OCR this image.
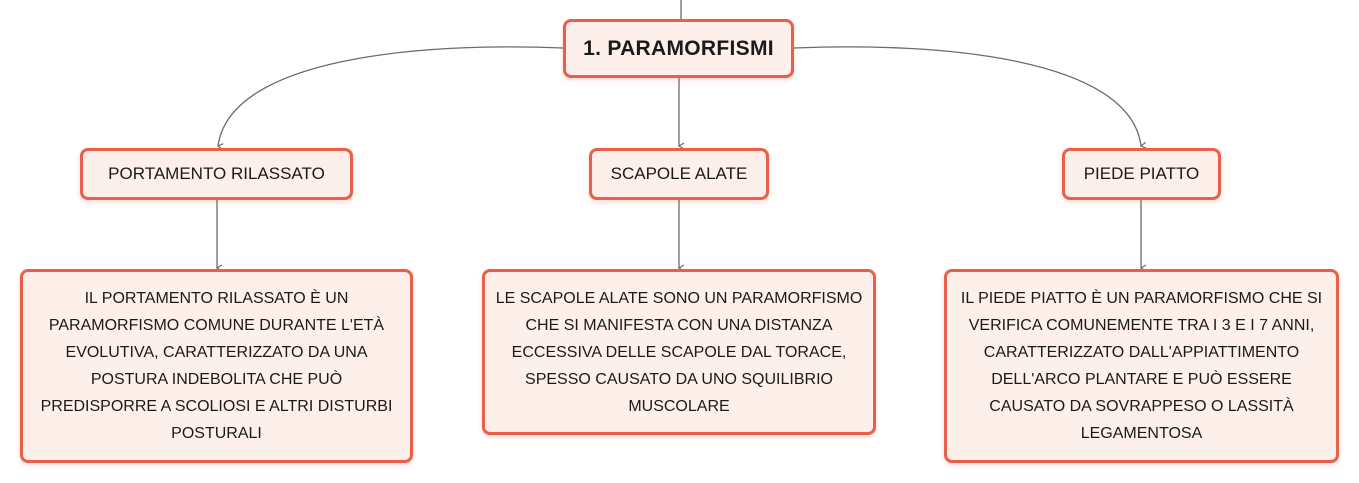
1. PARAMORFISMI
PORTAMENTO RILASSATO	SCAPOLE ALATE	PIEDE PIATTO
IL PORTAMENTO RILASSATO È UN PARAMORFISMO COMUNE DURANTE L'ETÀ EVOLUTIVA, CARATTERIZZATO DA UNA POSTURA INDEBOLITA CHE PUÒ PREDISPORRE A SCOLIOSI E ALTRI DISTURBI POSTURALI
LE SCAPOLE ALATE SONO UN PARAMORFISMO CHE SI MANIFESTA CON UNA DISTANZA ECCESSIVA DELLE SCAPOLE DAL TORACE, SPESSO CAUSATO DA UNO SQUILIBRIO MUSCOLARE
IL PIEDE PIATTO È UN PARAMORFISMO CHE SI VERIFICA COMUNEMENTE TRA I 3 E I 7 ANNI, CARATTERIZZATO DALL'APPIATTIMENTO DELL'ARCO PLANTARE E PUÒ ESSERE CAUSATO DA SOVRAPPESO O LASSITÀ LEGAMENTOSA
